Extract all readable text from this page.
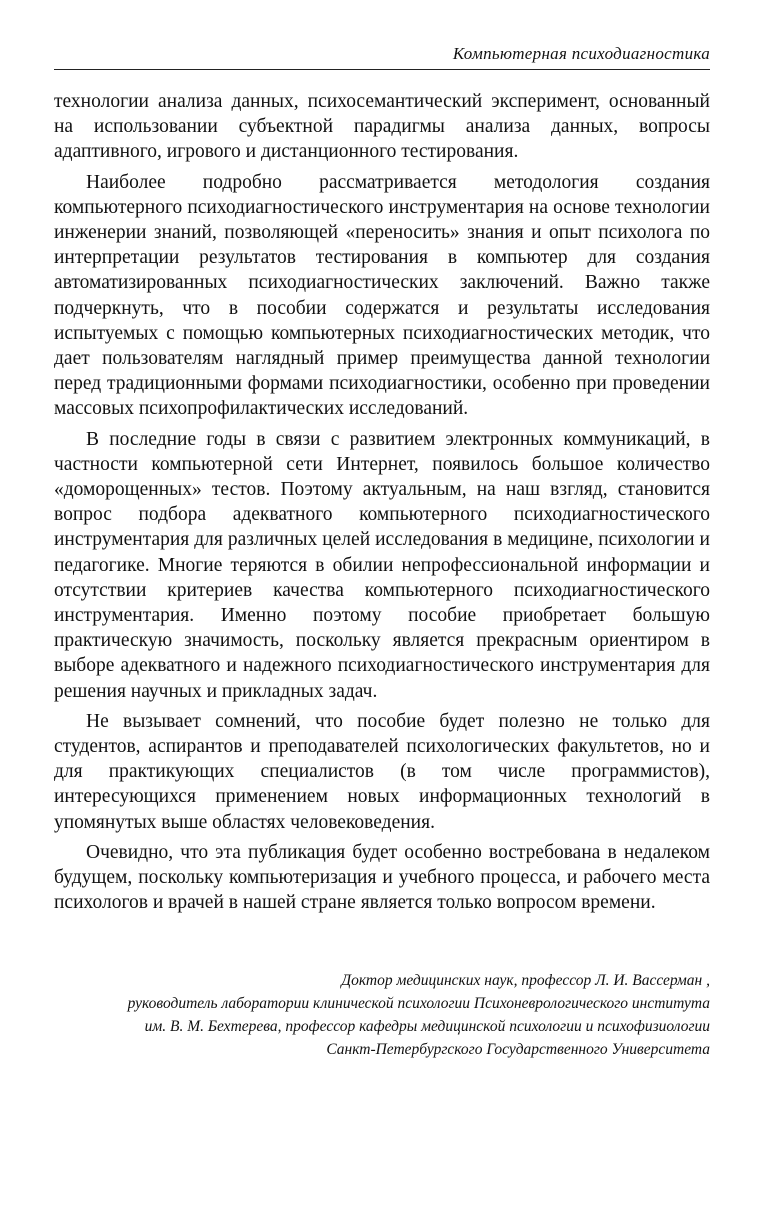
Компьютерная психодиагностика

технологии анализа данных, психосемантический эксперимент, основанный на использовании субъектной парадигмы анализа данных, вопросы адаптивного, игрового и дистанционного тестирования.

Наиболее подробно рассматривается методология создания компьютерного психодиагностического инструментария на основе технологии инженерии знаний, позволяющей «переносить» знания и опыт психолога по интерпретации результатов тестирования в компьютер для создания автоматизированных психодиагностических заключений. Важно также подчеркнуть, что в пособии содержатся и результаты исследования испытуемых с помощью компьютерных психодиагностических методик, что дает пользователям наглядный пример преимущества данной технологии перед традиционными формами психодиагностики, особенно при проведении массовых психопрофилактических исследований.

В последние годы в связи с развитием электронных коммуникаций, в частности компьютерной сети Интернет, появилось большое количество «доморощенных» тестов. Поэтому актуальным, на наш взгляд, становится вопрос подбора адекватного компьютерного психодиагностического инструментария для различных целей исследования в медицине, психологии и педагогике. Многие теряются в обилии непрофессиональной информации и отсутствии критериев качества компьютерного психодиагностического инструментария. Именно поэтому пособие приобретает большую практическую значимость, поскольку является прекрасным ориентиром в выборе адекватного и надежного психодиагностического инструментария для решения научных и прикладных задач.

Не вызывает сомнений, что пособие будет полезно не только для студентов, аспирантов и преподавателей психологических факультетов, но и для практикующих специалистов (в том числе программистов), интересующихся применением новых информационных технологий в упомянутых выше областях человековедения.

Очевидно, что эта публикация будет особенно востребована в недалеком будущем, поскольку компьютеризация и учебного процесса, и рабочего места психологов и врачей в нашей стране является только вопросом времени.

Доктор медицинских наук, профессор Л. И. Вассерман ,
руководитель лаборатории клинической психологии Психоневрологического института
им. В. М. Бехтерева, профессор кафедры медицинской психологии и психофизиологии
Санкт-Петербургского Государственного Университета
